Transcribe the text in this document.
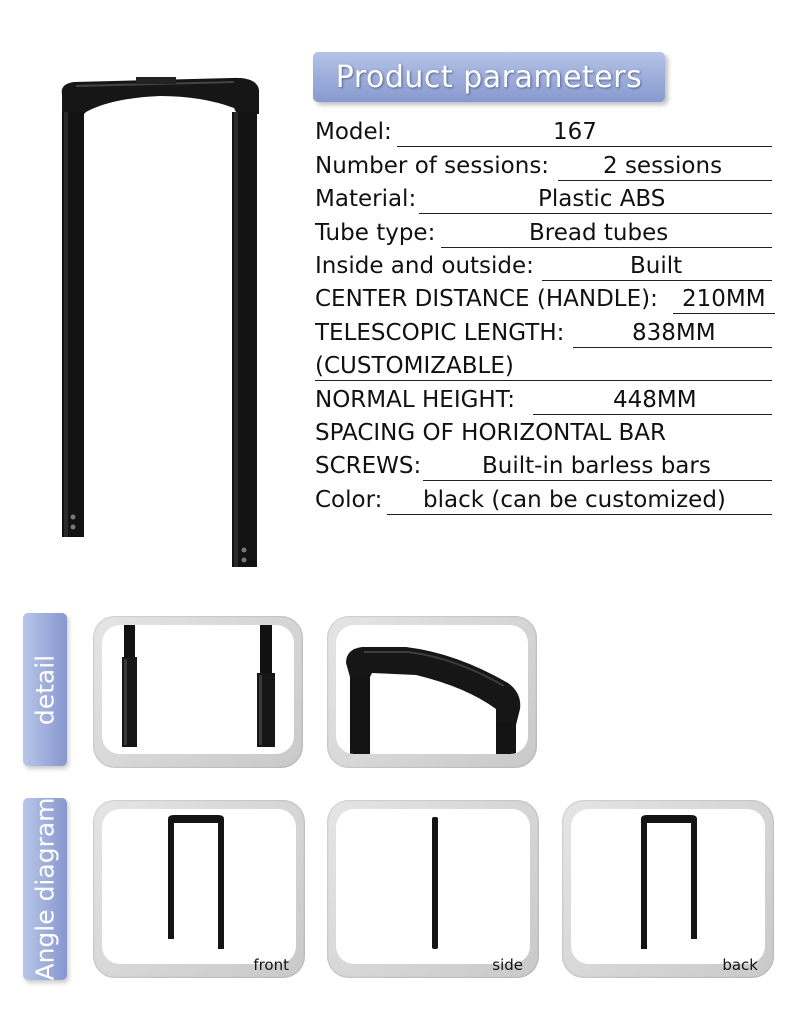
Product parameters
Model:	167
Number of sessions: 2 sessions
Material:	Plastic ABS
Tube type:	Bread tubes
Inside and outside:	Built
CENTER DISTANCE (HANDLE): 210MM
TELESCOPIC LENGTH:	838MM
(CUSTOMIZABLE)
NORMAL HEIGHT:	448MM
SPACING OF HORIZONTAL BAR
SCREWS:	Built-in barless bars
Color: black (can be customized)
detail
Angle diagram	front	side	back
